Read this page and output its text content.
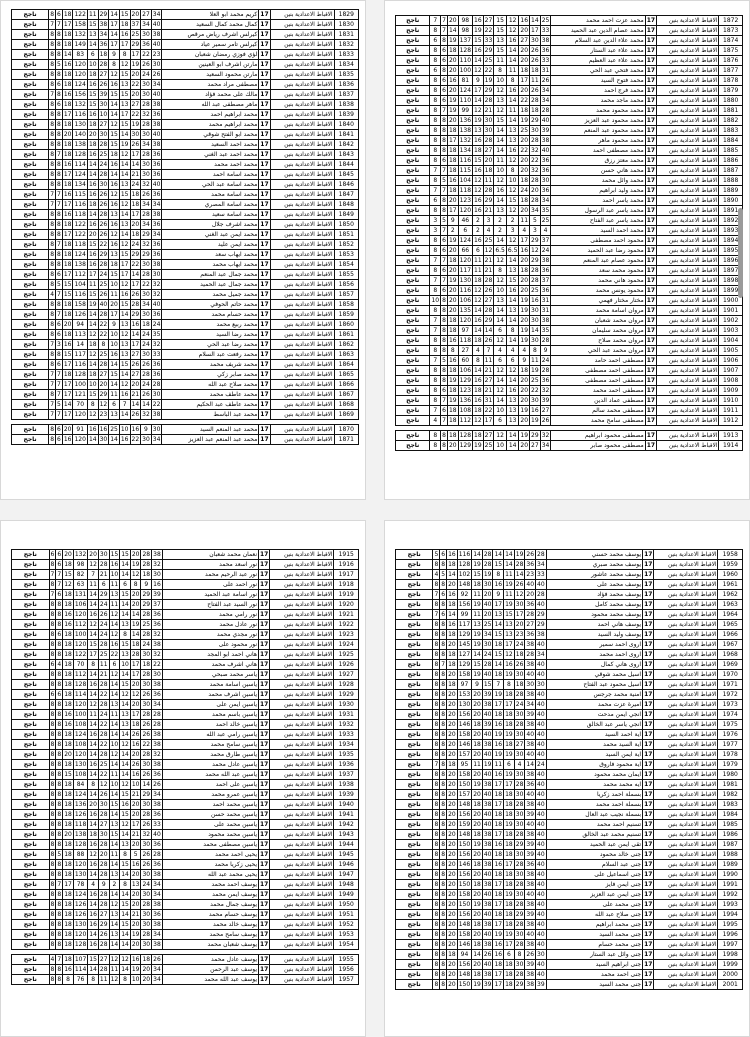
1829	الاقباط الاعدادية بنين	17	كريم محمد ابو العلا	34	27	20	15	14	29	11	122	18	6	8	ناجح
1830	الاقباط الاعدادية بنين	17	كمال محمد كمال السعيد	40	34	37	18	17	38	15	158	17	7	7	ناجح
1831	الاقباط الاعدادية بنين	17	كيرلس اشرف رياض مرقص	38	30	25	16	14	34	13	132	18	8	8	ناجح
1832	الاقباط الاعدادية بنين	17	كيرلس تامر سمير عياد	40	36	29	17	17	36	14	149	18	8	8	ناجح
1833	الاقباط الاعدادية بنين	17	لؤي فوزي رمضان شعبان	23	22	17	8	9	18	6	83	14	8	8	ناجح
1834	الاقباط الاعدادية بنين	17	مارتن اشرف ابو العينين	30	26	19	12	8	28	10	120	16	5	8	ناجح
1835	الاقباط الاعدادية بنين	17	مارتن محمود السعيد	26	24	20	15	12	27	18	120	18	8	8	ناجح
1836	الاقباط الاعدادية بنين	17	مصطفى مراد محمد	34	30	22	13	16	26	16	124	18	6	8	ناجح
1837	الاقباط الاعدادية بنين	17	مالك على محمد فؤاد	40	30	20	15	15	39	15	156	16	8	7	ناجح
1838	الاقباط الاعدادية بنين	17	ماهر مصطفى عبد الله	38	28	27	13	14	30	15	132	18	6	8	ناجح
1839	الاقباط الاعدادية بنين	17	محمد ابراهيم احمد	36	32	22	17	14	10	16	116	17	8	8	ناجح
1840	الاقباط الاعدادية بنين	17	محمد ابراهيم محمد	38	28	19	15	12	27	18	130	18	8	8	ناجح
1841	الاقباط الاعدادية بنين	17	محمد ابو الفتح شوقي	40	30	30	14	15	30	20	140	20	8	8	ناجح
1842	الاقباط الاعدادية بنين	17	محمد احمد السعيد	38	34	26	19	15	28	18	138	18	8	8	ناجح
1843	الاقباط الاعدادية بنين	17	محمد احمد عبد الغني	36	28	17	12	18	25	16	128	18	7	8	ناجح
1844	الاقباط الاعدادية بنين	17	محمد احمد محمد	36	30	14	14	16	24	14	114	16	8	8	ناجح
1845	الاقباط الاعدادية بنين	17	محمد اسامة احمد	36	30	21	14	14	28	14	124	17	8	8	ناجح
1846	الاقباط الاعدادية بنين	17	محمد اسامة عبد الحي	40	32	24	13	16	30	16	134	18	8	8	ناجح
1847	الاقباط الاعدادية بنين	17	محمد اسامة محمد	36	26	18	15	12	26	16	115	16	7	7	ناجح
1848	الاقباط الاعدادية بنين	17	محمد اسامة المصري	34	34	18	12	16	26	18	116	17	7	7	ناجح
1849	الاقباط الاعدادية بنين	17	محمد اسامة سعيد	38	28	17	14	13	28	14	118	16	8	8	ناجح
1850	الاقباط الاعدادية بنين	17	محمد اشرف جلال	36	34	20	13	16	26	16	122	18	8	8	ناجح
1851	الاقباط الاعدادية بنين	17	محمد ايمن عبد الغني	34	29	18	14	12	26	20	122	17	8	8	ناجح
1852	الاقباط الاعدادية بنين	17	محمد ايمن عليد	36	32	24	12	16	22	15	118	18	7	8	ناجح
1853	الاقباط الاعدادية بنين	17	محمد ايهاب سعد	36	29	29	15	13	29	16	124	18	8	8	ناجح
1854	الاقباط الاعدادية بنين	17	محمد ايهاب محمد	38	30	22	17	18	28	16	138	18	8	8	ناجح
1855	الاقباط الاعدادية بنين	17	محمد جمال عبد المنعم	30	28	14	17	15	24	17	112	17	6	8	ناجح
1856	الاقباط الاعدادية بنين	17	محمد جمال عبد الحميد	32	22	17	12	10	25	11	104	15	5	8	ناجح
1857	الاقباط الاعدادية بنين	17	محمد جميل محمد	32	30	26	16	11	26	15	116	15	7	4	ناجح
1858	الاقباط الاعدادية بنين	17	محمد حاتم الحوفي	40	34	28	15	20	40	19	158	18	8	8	ناجح
1859	الاقباط الاعدادية بنين	17	محمد حسام محمد	36	30	29	14	17	28	14	126	18	7	8	ناجح
1860	الاقباط الاعدادية بنين	17	محمد ربيع محمد	24	18	16	13	9	22	14	94	20	6	8	ناجح
1861	الاقباط الاعدادية بنين	17	محمد رضا السيد	35	24	14	12	10	22	12	113	18	6	8	ناجح
1862	الاقباط الاعدادية بنين	17	محمد رضا عبد الحي	32	24	17	13	10	8	18	14	16	3	7	ناجح
1863	الاقباط الاعدادية بنين	17	محمد رفعت عبد السلام	33	30	27	13	16	25	12	117	15	8	8	ناجح
1864	الاقباط الاعدادية بنين	17	محمد شريف محمد	36	26	26	15	14	28	14	116	17	6	8	ناجح
1865	الاقباط الاعدادية بنين	17	محمد صابر زكي	36	28	27	14	15	27	18	128	18	7	7	ناجح
1866	الاقباط الاعدادية بنين	17	محمد صلاح عبد الله	28	24	20	12	14	20	10	100	17	7	7	ناجح
1867	الاقباط الاعدادية بنين	17	محمد عاطف محمد	30	26	21	16	11	29	15	121	17	7	8	ناجح
1868	الاقباط الاعدادية بنين	17	محمد عاطف عبد الحكيم	22	14	14	7	6	12	8	70	14	5	7	ناجح
1869	الاقباط الاعدادية بنين	17	محمد عبد الباسط	38	32	26	14	13	23	12	120	17	7	7	ناجح

1870	الاقباط الاعدادية بنين	17	محمد عبد المنعم السيد	30	9	16	10	25	16	16	91	20	6	8	ناجح
1871	الاقباط الاعدادية بنين	17	محمد عبد المنعم عبد العزيز	34	30	22	16	14	30	14	120	16	6	8	ناجح
1872	الاقباط الاعدادية بنين	17	محمد عزت احمد محمد	25	14	16	12	15	27	16	98	20	7	7	ناجح
1873	الاقباط الاعدادية بنين	17	محمد عصام الدين عبد الحميد	33	17	20	12	15	22	19	98	14	7	8	ناجح
1874	الاقباط الاعدادية بنين	17	محمد علاء الدين عبد السلام	38	30	27	16	13	33	15	137	19	8	6	ناجح
1875	الاقباط الاعدادية بنين	17	محمد علاء عبد الستار	36	26	20	14	15	29	16	128	18	6	8	ناجح
1876	الاقباط الاعدادية بنين	17	محمد علاء عبد العظيم	33	26	20	14	11	25	14	110	20	6	8	ناجح
1877	الاقباط الاعدادية بنين	17	محمد فتحي عبد الحي	31	18	18	11	8	22	12	100	20	8	6	ناجح
1878	الاقباط الاعدادية بنين	17	محمد فتوح السيد	26	11	17	8	10	19	9	81	16	6	8	ناجح
1879	الاقباط الاعدادية بنين	17	محمد فرج احمد	34	26	20	16	12	29	17	124	20	6	8	ناجح
1880	الاقباط الاعدادية بنين	17	محمد ماجد محمد	34	28	22	14	13	28	14	110	19	6	8	ناجح
1881	الاقباط الاعدادية بنين	17	محمد محمود محمد	28	18	18	11	12	21	12	99	19	7	8	ناجح
1882	الاقباط الاعدادية بنين	17	محمد محمود عبد العزيز	40	29	19	14	15	30	19	136	20	8	8	ناجح
1883	الاقباط الاعدادية بنين	17	محمد محمود عبد المنعم	39	30	25	13	14	30	13	138	18	8	8	ناجح
1884	الاقباط الاعدادية بنين	17	محمد محمود ماهر	38	28	20	13	14	28	16	132	17	8	8	ناجح
1885	الاقباط الاعدادية بنين	17	محمد مصطفى احمد	40	32	22	16	14	27	18	134	18	8	8	ناجح
1886	الاقباط الاعدادية بنين	17	محمد معتز رزق	36	22	20	12	11	20	15	116	18	6	8	ناجح
1887	الاقباط الاعدادية بنين	17	محمد هاني حسن	36	32	20	8	10	18	16	115	18	7	7	ناجح
1888	الاقباط الاعدادية بنين	17	محمد وائل محمد	30	28	18	10	12	11	12	104	16	5	8	ناجح
1889	الاقباط الاعدادية بنين	17	محمد وليد ابراهيم	36	20	24	12	16	28	12	118	18	7	7	ناجح
1890	الاقباط الاعدادية بنين	17	محمد ياسر احمد	34	28	18	15	14	29	16	123	20	8	6	ناجح
1891	الاقباط الاعدادية بنين	17	محمد ياسر عبد الرسول	35	34	20	12	13	21	16	120	17	8	8	ناجح
1892	الاقباط الاعدادية بنين	17	محمد ياسر عبد الفتاح	25	5	11	2	2	3	2	46	9	5	3	ناجح
1893	الاقباط الاعدادية بنين	17	محمد احمد السيد	4	3	4	3	2	4	2	6	2	7	3	ناجح
1894	الاقباط الاعدادية بنين	17	محمود احمد مصطفى	37	29	17	12	14	25	16	124	19	6	8	ناجح
1895	الاقباط الاعدادية بنين	17	محمود رضا عبد الحميد	24	12	16	6.5	6.5	12	6	66	20	6	8	ناجح
1896	الاقباط الاعدادية بنين	17	محمود عصام عبد المنعم	38	29	20	14	12	21	11	120	18	7	7	ناجح
1897	الاقباط الاعدادية بنين	17	محمود محمد سعد	36	28	18	13	8	21	11	117	20	6	8	ناجح
1898	الاقباط الاعدادية بنين	17	محمود هاني محمد	37	28	20	15	12	28	18	130	19	7	7	ناجح
1899	الاقباط الاعدادية بنين	17	محمود يونس محمد	36	25	20	16	10	26	12	116	20	6	8	ناجح
1900	الاقباط الاعدادية بنين	17	مختار مختار فهمي	31	16	19	14	13	27	12	106	20	8	10	ناجح
1901	الاقباط الاعدادية بنين	17	مروان اسامة محمد	31	30	19	13	14	28	14	135	20	8	8	ناجح
1902	الاقباط الاعدادية بنين	17	مروان محمد شعبان	38	30	20	14	14	29	16	120	18	8	7	ناجح
1903	الاقباط الاعدادية بنين	17	مروان محمد سليمان	35	14	19	8	6	14	14	97	18	8	7	ناجح
1904	الاقباط الاعدادية بنين	17	مروان محمد صلاح	28	30	19	14	12	26	18	118	16	8	8	ناجح
1905	الاقباط الاعدادية بنين	17	مروان محمد عبد الحي	9	8	4	4	4	7	4	27	8	8	8	ناجح
1906	الاقباط الاعدادية بنين	17	مصطفى احمد حامد	24	11	9	6	6	11	8	60	16	5	7	ناجح
1907	الاقباط الاعدادية بنين	17	مصطفى احمد مصطفى	28	19	18	12	12	21	14	106	18	8	8	ناجح
1908	الاقباط الاعدادية بنين	17	مصطفى احمد مصطفى	36	25	20	14	14	27	16	129	19	8	8	ناجح
1909	الاقباط الاعدادية بنين	17	مصطفى احمد محمد	32	22	20	16	12	21	18	123	18	6	8	ناجح
1910	الاقباط الاعدادية بنين	17	مصطفى عماد الدين	39	30	20	13	14	31	16	136	19	7	8	ناجح
1911	الاقباط الاعدادية بنين	17	مصطفى محمد سالم	27	16	19	13	10	22	18	108	18	6	7	ناجح
1912	الاقباط الاعدادية بنين	17	مصطفى سامح محمد	26	19	20	13	6	17	12	112	18	7	4	ناجح

1913	الاقباط الاعدادية بنين	17	مصطفى محمود ابراهيم	32	29	19	14	12	27	18	128	18	8	8	ناجح
1914	الاقباط الاعدادية بنين	17	مصطفى محمود صابر	34	27	20	14	10	25	19	129	20	8	8	ناجح
1915	الاقباط الاعدادية بنين	17	نعمان محمد شعبان	38	28	20	15	15	30	20	132	20	6	6	ناجح
1916	الاقباط الاعدادية بنين	17	نور اسعد محمد	32	28	19	14	16	28	12	98	18	6	8	ناجح
1917	الاقباط الاعدادية بنين	17	نور عبد الرحيم محمد	30	18	12	14	10	21	7	82	15	7	7	ناجح
1918	الاقباط الاعدادية بنين	17	نور احمد على	16	9	8	6	11	6	11	63	12	7	8	ناجح
1919	الاقباط الاعدادية بنين	17	نور اسامة عبد الحميد	39	29	20	15	13	29	14	131	18	6	7	ناجح
1920	الاقباط الاعدادية بنين	17	نور السيد عبد الفتاح	37	29	20	14	11	24	14	106	18	8	8	ناجح
1921	الاقباط الاعدادية بنين	17	نور رامي محمد	36	28	14	14	12	26	16	120	16	8	8	ناجح
1922	الاقباط الاعدادية بنين	17	نور عادل محمد	36	25	19	13	14	24	12	112	16	8	8	ناجح
1923	الاقباط الاعدادية بنين	17	نور مجدي محمد	32	28	14	8	12	24	14	100	18	6	8	ناجح
1924	الاقباط الاعدادية بنين	17	نور محمود على	38	24	18	15	16	28	15	120	18	8	8	ناجح
1925	الاقباط الاعدادية بنين	17	هاني احمد ابو المجد	32	30	28	13	22	25	17	122	18	8	8	ناجح
1926	الاقباط الاعدادية بنين	17	هاني اشرف محمد	22	18	17	10	6	11	8	70	18	4	6	ناجح
1927	الاقباط الاعدادية بنين	17	ياسر محمد صبحي	30	28	17	14	12	21	14	112	18	8	8	ناجح
1928	الاقباط الاعدادية بنين	17	ياسين اسامة محمد	38	30	20	15	14	28	16	128	18	8	8	ناجح
1929	الاقباط الاعدادية بنين	17	ياسين اشرف محمد	36	26	12	12	14	22	14	114	18	6	6	ناجح
1930	الاقباط الاعدادية بنين	17	ياسين ايمن على	34	30	20	14	13	28	12	120	18	8	8	ناجح
1931	الاقباط الاعدادية بنين	17	ياسين باسم محمد	28	28	17	13	11	24	11	100	16	8	8	ناجح
1932	الاقباط الاعدادية بنين	17	ياسين خالد احمد	28	26	18	13	14	22	14	108	16	8	8	ناجح
1933	الاقباط الاعدادية بنين	17	ياسين رامي عبد الله	38	26	26	14	14	28	16	124	18	8	8	ناجح
1934	الاقباط الاعدادية بنين	17	ياسين سامح محمد	38	22	16	12	10	22	14	108	18	8	8	ناجح
1935	الاقباط الاعدادية بنين	17	ياسين طارق محمد	32	28	20	14	12	28	14	120	20	8	8	ناجح
1936	الاقباط الاعدادية بنين	17	ياسين عادل محمد	38	30	26	14	14	25	16	130	18	8	8	ناجح
1937	الاقباط الاعدادية بنين	17	ياسين عبد الله محمد	36	26	16	14	11	22	14	108	15	8	8	ناجح
1938	الاقباط الاعدادية بنين	17	ياسين على احمد	26	14	10	12	10	12	8	84	18	8	8	ناجح
1939	الاقباط الاعدادية بنين	17	ياسين عمرو محمد	34	29	21	15	14	26	14	124	18	8	8	ناجح
1940	الاقباط الاعدادية بنين	17	ياسين محمد احمد	38	30	20	16	15	30	20	136	18	8	8	ناجح
1941	الاقباط الاعدادية بنين	17	ياسين محمد حسن	36	28	20	15	14	28	16	126	18	8	8	ناجح
1942	الاقباط الاعدادية بنين	17	ياسين محمد على	33	26	17	12	13	27	14	118	18	8	8	ناجح
1943	الاقباط الاعدادية بنين	17	ياسين محمد محمود	40	32	21	14	15	30	18	138	20	8	8	ناجح
1944	الاقباط الاعدادية بنين	17	ياسين مصطفى محمد	36	30	20	13	14	28	16	128	18	8	8	ناجح
1945	الاقباط الاعدادية بنين	17	يحيى احمد محمد	28	26	5	8	11	20	12	88	18	5	8	ناجح
1946	الاقباط الاعدادية بنين	17	يحيى زكريا محمد	36	26	16	15	14	28	16	120	18	8	8	ناجح
1947	الاقباط الاعدادية بنين	17	يحيى محمد عبد الله	38	30	20	14	13	28	14	130	18	8	8	ناجح
1948	الاقباط الاعدادية بنين	17	يوسف احمد محمد	34	24	13	8	2	9	4	78	17	7	8	ناجح
1949	الاقباط الاعدادية بنين	17	يوسف ايمن محمد	34	30	20	14	14	28	16	124	18	8	8	ناجح
1950	الاقباط الاعدادية بنين	17	يوسف جمال محمد	38	28	20	15	12	28	14	126	18	8	8	ناجح
1951	الاقباط الاعدادية بنين	17	يوسف حسام محمد	36	30	21	14	13	27	16	126	18	8	8	ناجح
1952	الاقباط الاعدادية بنين	17	يوسف خالد محمد	38	30	20	15	14	29	16	130	18	8	8	ناجح
1953	الاقباط الاعدادية بنين	17	يوسف سامح محمد	34	28	19	14	13	26	14	120	18	8	8	ناجح
1954	الاقباط الاعدادية بنين	17	يوسف شعبان محمد	38	30	20	14	14	28	16	128	18	8	8	ناجح

1955	الاقباط الاعدادية بنين	17	يوسف عادل محمد	26	18	16	12	12	27	15	107	18	7	4	ناجح
1956	الاقباط الاعدادية بنين	17	يوسف عبد الرحمن	34	20	19	14	11	28	14	114	16	8	8	ناجح
1957	الاقباط الاعدادية بنين	17	يوسف عبد الله محمد	34	20	10	8	12	11	8	76	8	8	8	ناجح
1958	الاقباط الاعدادية بنين	17	يوسف محمد حسني	28	26	19	14	14	28	14	116	16	6	5	ناجح
1959	الاقباط الاعدادية بنين	17	يوسف محمد صبري	34	36	28	14	15	28	19	128	18	8	8	ناجح
1960	الاقباط الاعدادية بنين	17	يوسف محمد عاشور	33	23	14	11	8	19	15	102	14	5	4	ناجح
1961	الاقباط الاعدادية بنين	17	يوسف محمد على	40	40	26	19	16	30	18	148	20	8	8	ناجح
1962	الاقباط الاعدادية بنين	17	يوسف محمد فؤاد	28	20	12	11	9	20	11	92	16	6	7	ناجح
1963	الاقباط الاعدادية بنين	17	يوسف محمد كامل	40	36	30	19	17	40	19	156	18	8	8	ناجح
1964	الاقباط الاعدادية بنين	17	يوسف محمد محمود	29	28	17	15	13	20	11	99	14	6	7	ناجح
1965	الاقباط الاعدادية بنين	17	يوسف هاني احمد	29	27	20	13	14	25	13	117	16	8	8	ناجح
1966	الاقباط الاعدادية بنين	17	يوسف وليد السيد	38	36	23	13	15	34	19	129	18	8	8	ناجح
1967	الاقباط الاعدادية بنين	17	اروى احمد سمير	40	38	24	17	18	30	19	145	20	8	8	ناجح
1968	الاقباط الاعدادية بنين	17	اروى احمد محمد	34	28	18	12	15	24	14	127	18	8	8	ناجح
1969	الاقباط الاعدادية بنين	17	اروى هاني كمال	40	38	26	16	14	28	15	129	18	7	8	ناجح
1970	الاقباط الاعدادية بنين	17	اسيل محمد شوقي	40	40	30	19	18	40	19	158	20	8	8	ناجح
1971	الاقباط الاعدادية بنين	17	اسيل محمود عبد الفتاح	30	30	18	8	7	15	9	97	18	8	8	ناجح
1972	الاقباط الاعدادية بنين	17	امنية محمد جرجس	40	38	28	18	19	39	20	153	20	8	8	ناجح
1973	الاقباط الاعدادية بنين	17	اميرة عزت محمد	40	34	24	17	17	38	20	130	20	8	8	ناجح
1974	الاقباط الاعدادية بنين	17	انجي ايمن مدحت	40	39	30	18	18	40	20	156	20	8	8	ناجح
1975	الاقباط الاعدادية بنين	17	انجي ياسر عبد الخالق	40	38	28	18	16	39	18	146	20	8	8	ناجح
1976	الاقباط الاعدادية بنين	17	اية احمد السيد	40	40	30	19	19	40	20	158	20	8	8	ناجح
1977	الاقباط الاعدادية بنين	17	اية السيد محمد	40	38	27	18	16	38	18	146	20	8	8	ناجح
1978	الاقباط الاعدادية بنين	17	اية ايمن السيد	40	40	30	19	19	40	20	157	20	8	8	ناجح
1979	الاقباط الاعدادية بنين	17	اية محمود فاروق	24	14	4	6	11	19	11	95	18	8	7	ناجح
1980	الاقباط الاعدادية بنين	17	ايمان محمد محمود	40	38	30	19	16	40	20	158	20	8	8	ناجح
1981	الاقباط الاعدادية بنين	17	ايه محمد محمد	40	36	28	17	17	38	19	150	20	8	8	ناجح
1982	الاقباط الاعدادية بنين	17	بسملة احمد زكريا	40	40	30	18	18	40	20	157	20	8	8	ناجح
1983	الاقباط الاعدادية بنين	17	بسملة احمد محمد	40	38	28	18	17	38	18	148	20	8	8	ناجح
1984	الاقباط الاعدادية بنين	17	بسملة نجيب عبد العال	40	39	30	18	18	40	20	156	20	8	8	ناجح
1985	الاقباط الاعدادية بنين	17	تسنيم احمد محمد	40	40	30	19	18	40	20	159	20	8	8	ناجح
1986	الاقباط الاعدادية بنين	17	تسنيم محمد عبد الخالق	40	38	28	18	17	38	18	148	20	8	8	ناجح
1987	الاقباط الاعدادية بنين	17	تقى ايمن عبد الحميد	40	39	29	18	16	38	19	150	20	8	8	ناجح
1988	الاقباط الاعدادية بنين	17	جنى خالد محمود	40	39	30	18	18	40	20	156	20	8	8	ناجح
1989	الاقباط الاعدادية بنين	17	جنى عبد السلام	40	36	28	17	16	38	18	146	20	8	8	ناجح
1990	الاقباط الاعدادية بنين	17	جنى اسماعيل على	40	38	30	18	18	40	20	156	20	8	8	ناجح
1991	الاقباط الاعدادية بنين	17	جنى ايمن فايز	40	38	28	18	17	38	18	150	20	8	8	ناجح
1992	الاقباط الاعدادية بنين	17	جنى ايمن عبد العزيز	40	40	30	19	18	40	20	158	20	8	8	ناجح
1993	الاقباط الاعدادية بنين	17	جنى محمد على	40	38	28	18	17	38	19	150	20	8	8	ناجح
1994	الاقباط الاعدادية بنين	17	جنى صلاح عبد الله	40	39	29	18	18	40	20	156	20	8	8	ناجح
1995	الاقباط الاعدادية بنين	17	جنى محمد ابراهيم	40	38	28	18	17	38	18	148	20	8	8	ناجح
1996	الاقباط الاعدادية بنين	17	جنى محمد السيد	40	40	30	19	19	40	20	158	20	8	8	ناجح
1997	الاقباط الاعدادية بنين	17	جنى محمد حسام	40	38	28	17	16	38	18	146	20	8	8	ناجح
1998	الاقباط الاعدادية بنين	17	جنى وائل عبد الستار	30	26	8	6	16	26	14	94	18	8	8	ناجح
1999	الاقباط الاعدادية بنين	17	جنى ابراهيم السيد	40	39	30	18	18	40	20	156	20	8	8	ناجح
2000	الاقباط الاعدادية بنين	17	جنى احمد محمد	40	38	28	18	17	38	18	148	20	8	8	ناجح
2001	الاقباط الاعدادية بنين	17	جنى محمد السيد	39	38	29	18	17	39	19	150	20	8	8	ناجح
